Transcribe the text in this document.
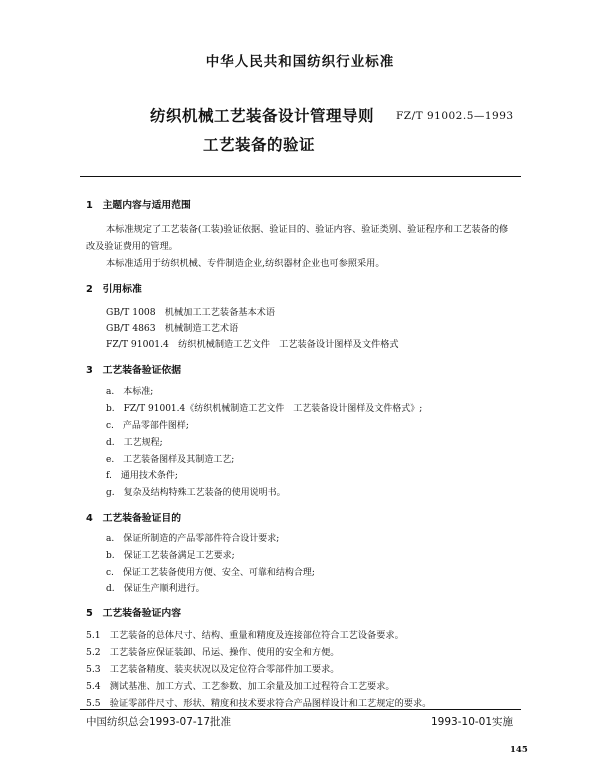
中华人民共和国纺织行业标准
纺织机械工艺装备设计管理导则
工艺装备的验证
FZ/T 91002.5—1993
1　主题内容与适用范围
本标准规定了工艺装备(工装)验证依据、验证目的、验证内容、验证类别、验证程序和工艺装备的修
改及验证费用的管理。
本标准适用于纺织机械、专件制造企业,纺织器材企业也可参照采用。
2　引用标准
GB/T 1008　机械加工工艺装备基本术语
GB/T 4863　机械制造工艺术语
FZ/T 91001.4　纺织机械制造工艺文件　工艺装备设计图样及文件格式
3　工艺装备验证依据
a.　本标准;
b.　FZ/T 91001.4《纺织机械制造工艺文件　工艺装备设计图样及文件格式》;
c.　产品零部件图样;
d.　工艺规程;
e.　工艺装备图样及其制造工艺;
f.　通用技术条件;
g.　复杂及结构特殊工艺装备的使用说明书。
4　工艺装备验证目的
a.　保证所制造的产品零部件符合设计要求;
b.　保证工艺装备满足工艺要求;
c.　保证工艺装备使用方便、安全、可靠和结构合理;
d.　保证生产顺利进行。
5　工艺装备验证内容
5.1　工艺装备的总体尺寸、结构、重量和精度及连接部位符合工艺设备要求。
5.2　工艺装备应保证装卸、吊运、操作、使用的安全和方便。
5.3　工艺装备精度、装夹状况以及定位符合零部件加工要求。
5.4　测试基准、加工方式、工艺参数、加工余量及加工过程符合工艺要求。
5.5　验证零部件尺寸、形状、精度和技术要求符合产品图样设计和工艺规定的要求。
中国纺织总会1993-07-17批准	1993-10-01实施
145
